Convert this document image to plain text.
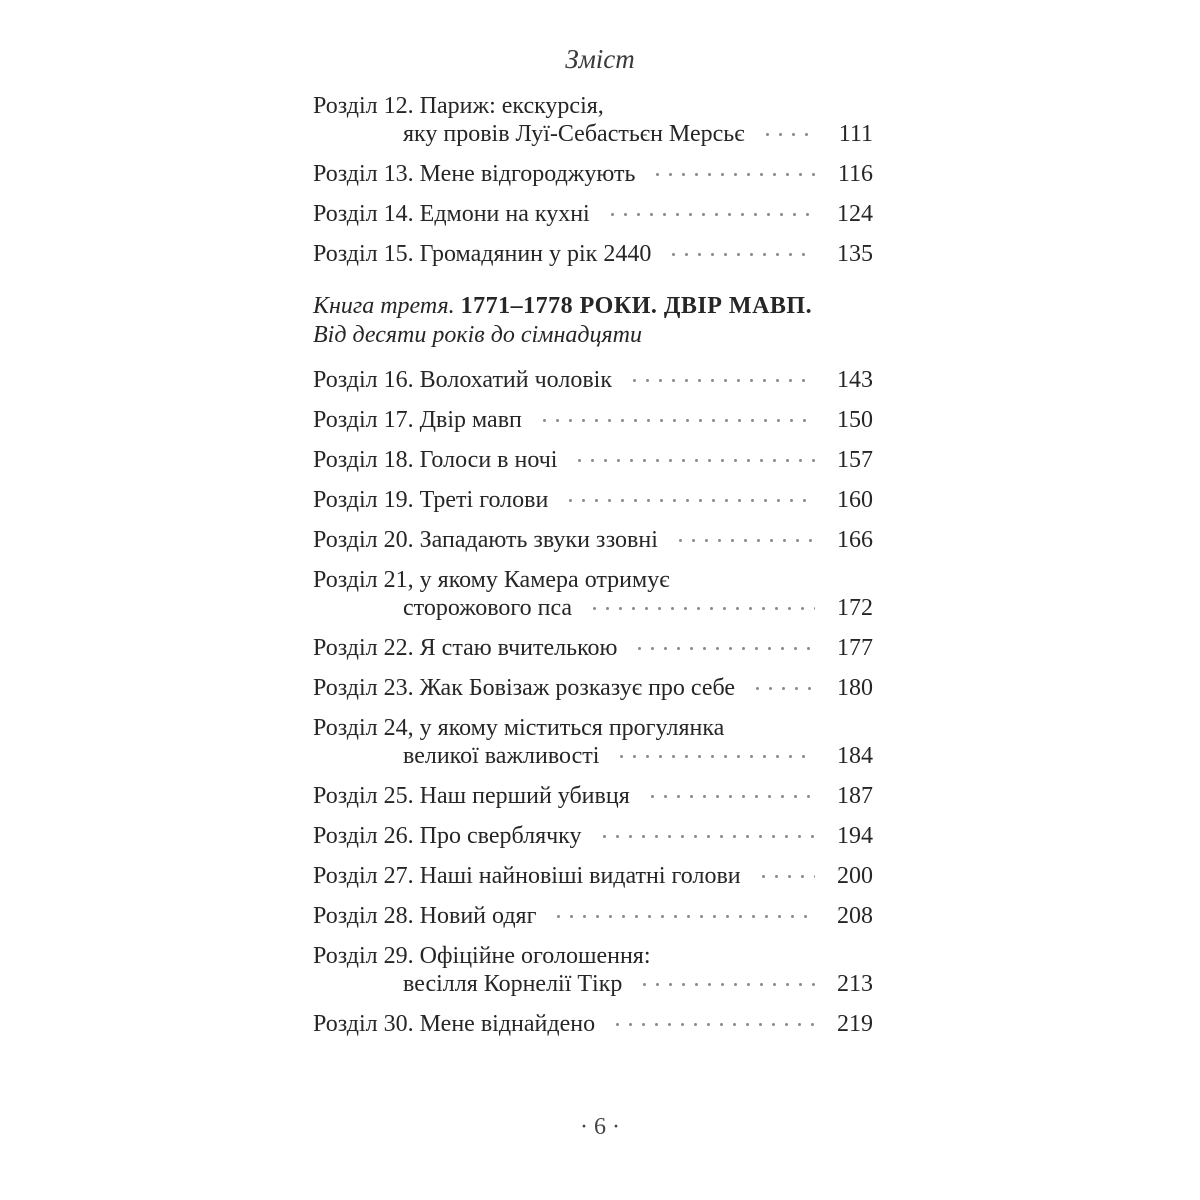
Зміст
Розділ 12. Париж: екскурсія,
яку провів Луї-Себастьєн Мерсьє	111
Розділ 13. Мене відгороджують	116
Розділ 14. Едмони на кухні	124
Розділ 15. Громадянин у рік 2440	135
Книга третя. 1771–1778 РОКИ. ДВІР МАВП.
Від десяти років до сімнадцяти
Розділ 16. Волохатий чоловік	143
Розділ 17. Двір мавп	150
Розділ 18. Голоси в ночі	157
Розділ 19. Треті голови	160
Розділ 20. Западають звуки ззовні	166
Розділ 21, у якому Камера отримує
сторожового пса	172
Розділ 22. Я стаю вчителькою	177
Розділ 23. Жак Бовізаж розказує про себе	180
Розділ 24, у якому міститься прогулянка
великої важливості	184
Розділ 25. Наш перший убивця	187
Розділ 26. Про сверблячку	194
Розділ 27. Наші найновіші видатні голови	200
Розділ 28. Новий одяг	208
Розділ 29. Офіційне оголошення:
весілля Корнелії Тікр	213
Розділ 30. Мене віднайдено	219
· 6 ·
